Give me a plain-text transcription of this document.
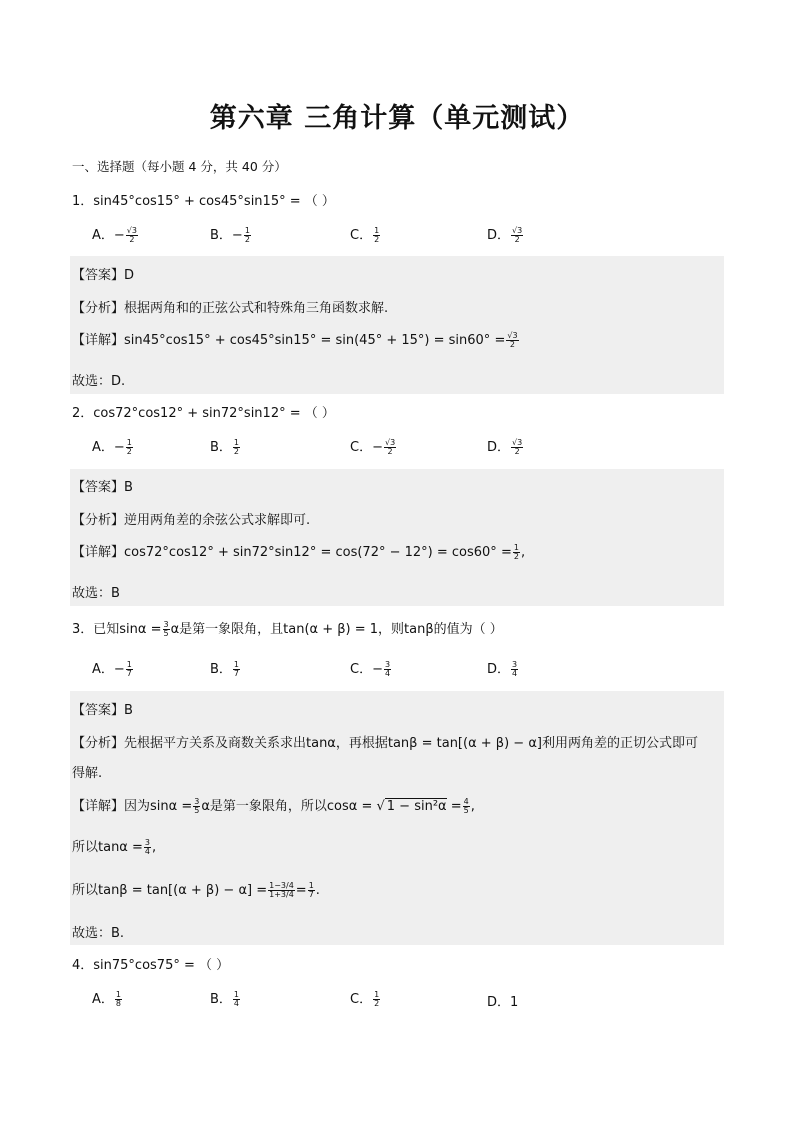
第六章 三角计算（单元测试）
一、选择题（每小题 4 分，共 40 分）
1．sin45°cos15° + cos45°sin15° = （ ）
A．− $\frac{√3}{2}$	B．− $\frac{1}{2}$	C． $\frac{1}{2}$	D． $\frac{√3}{2}$
【答案】D
【分析】根据两角和的正弦公式和特殊角三角函数求解.
【详解】$\sin 45^\circ\cos 15^\circ + \cos 45^\circ\sin 15^\circ = \sin(45^\circ + 15^\circ) = \sin 60^\circ = \frac{√3}{2}$
故选：D.
2．cos72°cos12° + sin72°sin12° = （ ）
A．− $\frac{1}{2}$	B． $\frac{1}{2}$	C．− $\frac{√3}{2}$	D． $\frac{√3}{2}$
【答案】B
【分析】逆用两角差的余弦公式求解即可.
【详解】$\cos 72^\circ\cos 12^\circ + \sin 72^\circ\sin 12^\circ = \cos(72^\circ - 12^\circ) = \cos 60^\circ = \frac{1}{2}$ ,
故选：B
3．已知$\sin\alpha = \frac{3}{5}$ α是第一象限角，且tan(α + β) = 1，则tanβ的值为（ ）
A．− $\frac{1}{7}$	B． $\frac{1}{7}$	C．− $\frac{3}{4}$	D． $\frac{3}{4}$
【答案】B
【分析】先根据平方关系及商数关系求出tanα，再根据tanβ = tan[(α + β) − α]利用两角差的正切公式即可
得解.
【详解】因为$\sin\alpha = \frac{3}{5}$ α是第一象限角，所以cosα = √ $1 - \sin^2\alpha = \frac{4}{5}$ ,
所以$\tan\alpha = \frac{3}{4}$ ,
所以$\tan\beta = \tan[(\alpha + \beta) - \alpha] = \frac{1-3/4}{1+3/4} = \frac{1}{7}$ .
故选：B.
4．sin75°cos75° = （ ）
A． $\frac{1}{8}$	B． $\frac{1}{4}$	C． $\frac{1}{2}$	D．1
